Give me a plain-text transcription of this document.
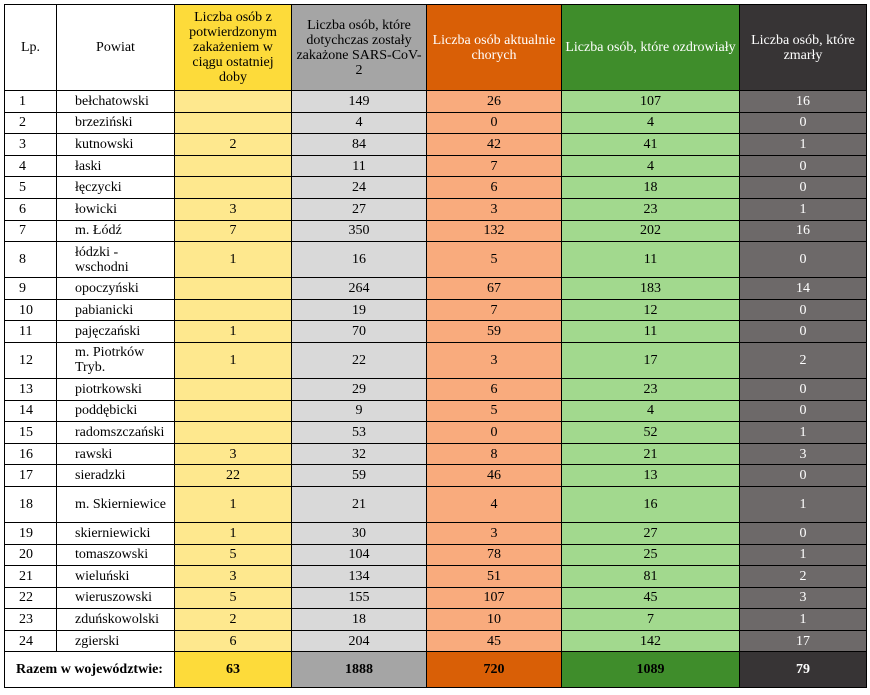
Lp.	Powiat	Liczba osób z potwierdzonym zakażeniem w ciągu ostatniej doby	Liczba osób, które dotychczas zostały zakażone SARS-CoV-2	Liczba osób aktualnie chorych	Liczba osób, które ozdrowiały	Liczba osób, które zmarły
1	bełchatowski		149	26	107	16
2	brzeziński		4	0	4	0
3	kutnowski	2	84	42	41	1
4	łaski		11	7	4	0
5	łęczycki		24	6	18	0
6	łowicki	3	27	3	23	1
7	m. Łódź	7	350	132	202	16
8	łódzki - wschodni	1	16	5	11	0
9	opoczyński		264	67	183	14
10	pabianicki		19	7	12	0
11	pajęczański	1	70	59	11	0
12	m. Piotrków Tryb.	1	22	3	17	2
13	piotrkowski		29	6	23	0
14	poddębicki		9	5	4	0
15	radomszczański		53	0	52	1
16	rawski	3	32	8	21	3
17	sieradzki	22	59	46	13	0
18	m. Skierniewice	1	21	4	16	1
19	skierniewicki	1	30	3	27	0
20	tomaszowski	5	104	78	25	1
21	wieluński	3	134	51	81	2
22	wieruszowski	5	155	107	45	3
23	zduńskowolski	2	18	10	7	1
24	zgierski	6	204	45	142	17
Razem w województwie:		63	1888	720	1089	79
